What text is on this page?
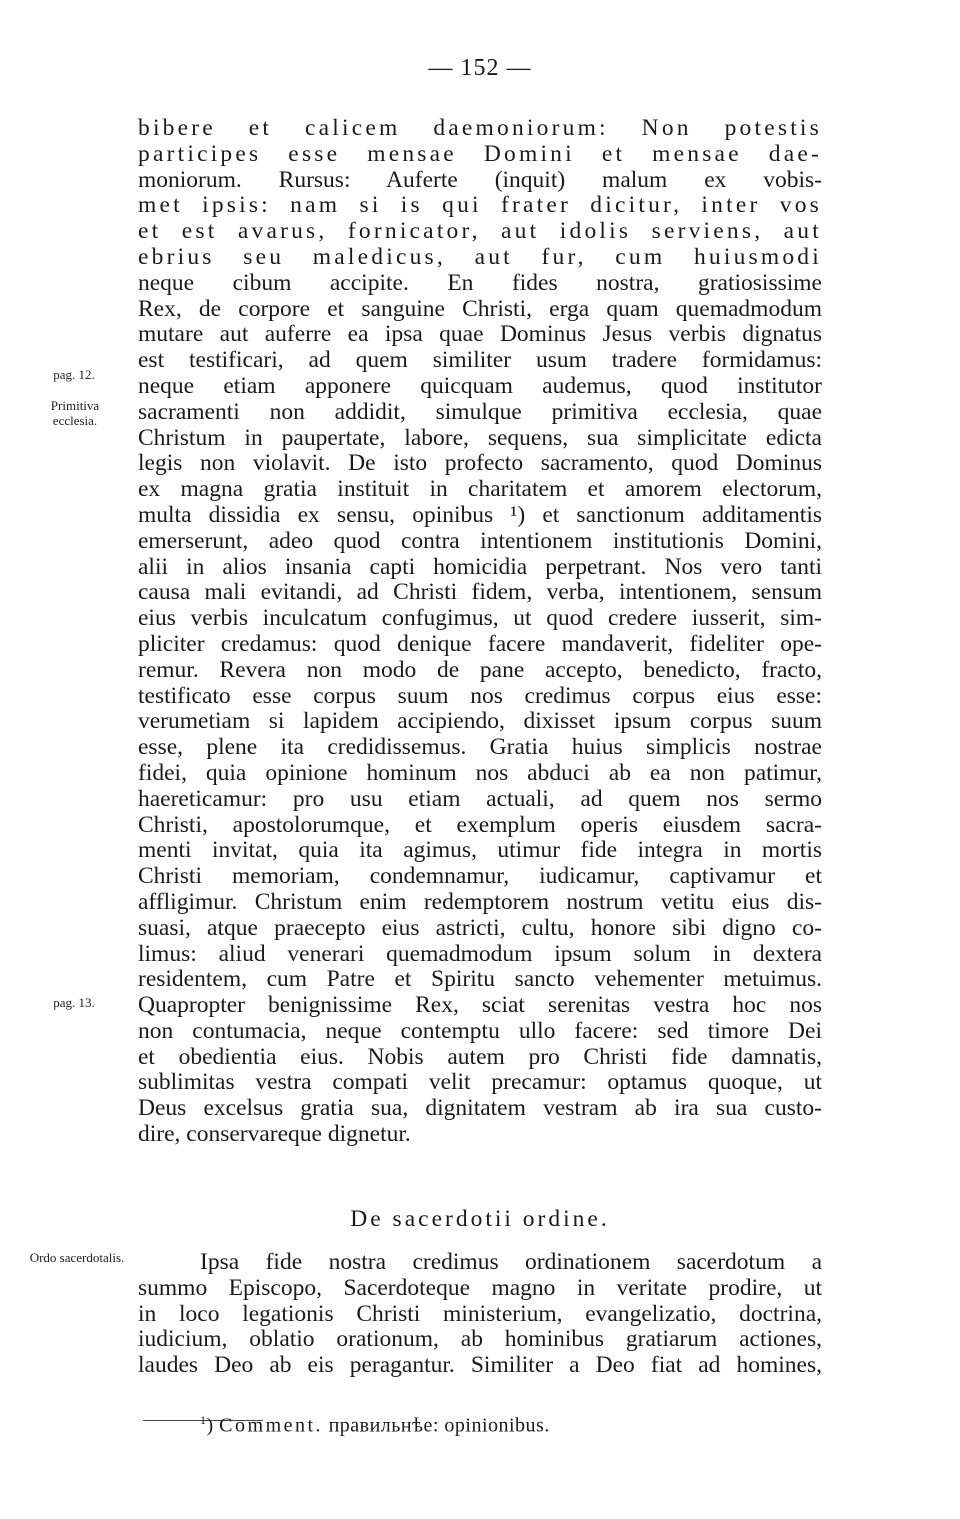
— 152 —
pag. 12.
Primitiva ecclesia.
pag. 13.
Ordo sacerdotalis.
bibere et calicem daemoniorum: Non potestis
participes esse mensae Domini et mensae dae-
moniorum. Rursus: Auferte (inquit) malum ex vobis-
met ipsis: nam si is qui frater dicitur, inter vos
et est avarus, fornicator, aut idolis serviens, aut
ebrius seu maledicus, aut fur, cum huiusmodi
neque cibum accipite. En fides nostra, gratiosissime
Rex, de corpore et sanguine Christi, erga quam quemadmodum
mutare aut auferre ea ipsa quae Dominus Jesus verbis dignatus
est testificari, ad quem similiter usum tradere formidamus:
neque etiam apponere quicquam audemus, quod institutor
sacramenti non addidit, simulque primitiva ecclesia, quae
Christum in paupertate, labore, sequens, sua simplicitate edicta
legis non violavit. De isto profecto sacramento, quod Dominus
ex magna gratia instituit in charitatem et amorem electorum,
multa dissidia ex sensu, opinibus ¹) et sanctionum additamentis
emerserunt, adeo quod contra intentionem institutionis Domini,
alii in alios insania capti homicidia perpetrant. Nos vero tanti
causa mali evitandi, ad Christi fidem, verba, intentionem, sensum
eius verbis inculcatum confugimus, ut quod credere iusserit, sim-
pliciter credamus: quod denique facere mandaverit, fideliter ope-
remur. Revera non modo de pane accepto, benedicto, fracto,
testificato esse corpus suum nos credimus corpus eius esse:
verumetiam si lapidem accipiendo, dixisset ipsum corpus suum
esse, plene ita credidissemus. Gratia huius simplicis nostrae
fidei, quia opinione hominum nos abduci ab ea non patimur,
haereticamur: pro usu etiam actuali, ad quem nos sermo
Christi, apostolorumque, et exemplum operis eiusdem sacra-
menti invitat, quia ita agimus, utimur fide integra in mortis
Christi memoriam, condemnamur, iudicamur, captivamur et
affligimur. Christum enim redemptorem nostrum vetitu eius dis-
suasi, atque praecepto eius astricti, cultu, honore sibi digno co-
limus: aliud venerari quemadmodum ipsum solum in dextera
residentem, cum Patre et Spiritu sancto vehementer metuimus.
Quapropter benignissime Rex, sciat serenitas vestra hoc nos
non contumacia, neque contemptu ullo facere: sed timore Dei
et obedientia eius. Nobis autem pro Christi fide damnatis,
sublimitas vestra compati velit precamur: optamus quoque, ut
Deus excelsus gratia sua, dignitatem vestram ab ira sua custo-
dire, conservareque dignetur.
De sacerdotii ordine.
Ipsa fide nostra credimus ordinationem sacerdotum a
summo Episcopo, Sacerdoteque magno in veritate prodire, ut
in loco legationis Christi ministerium, evangelizatio, doctrina,
iudicium, oblatio orationum, ab hominibus gratiarum actiones,
laudes Deo ab eis peragantur. Similiter a Deo fiat ad homines,
$^1$) Comment. правильнѣе: opinionibus.
